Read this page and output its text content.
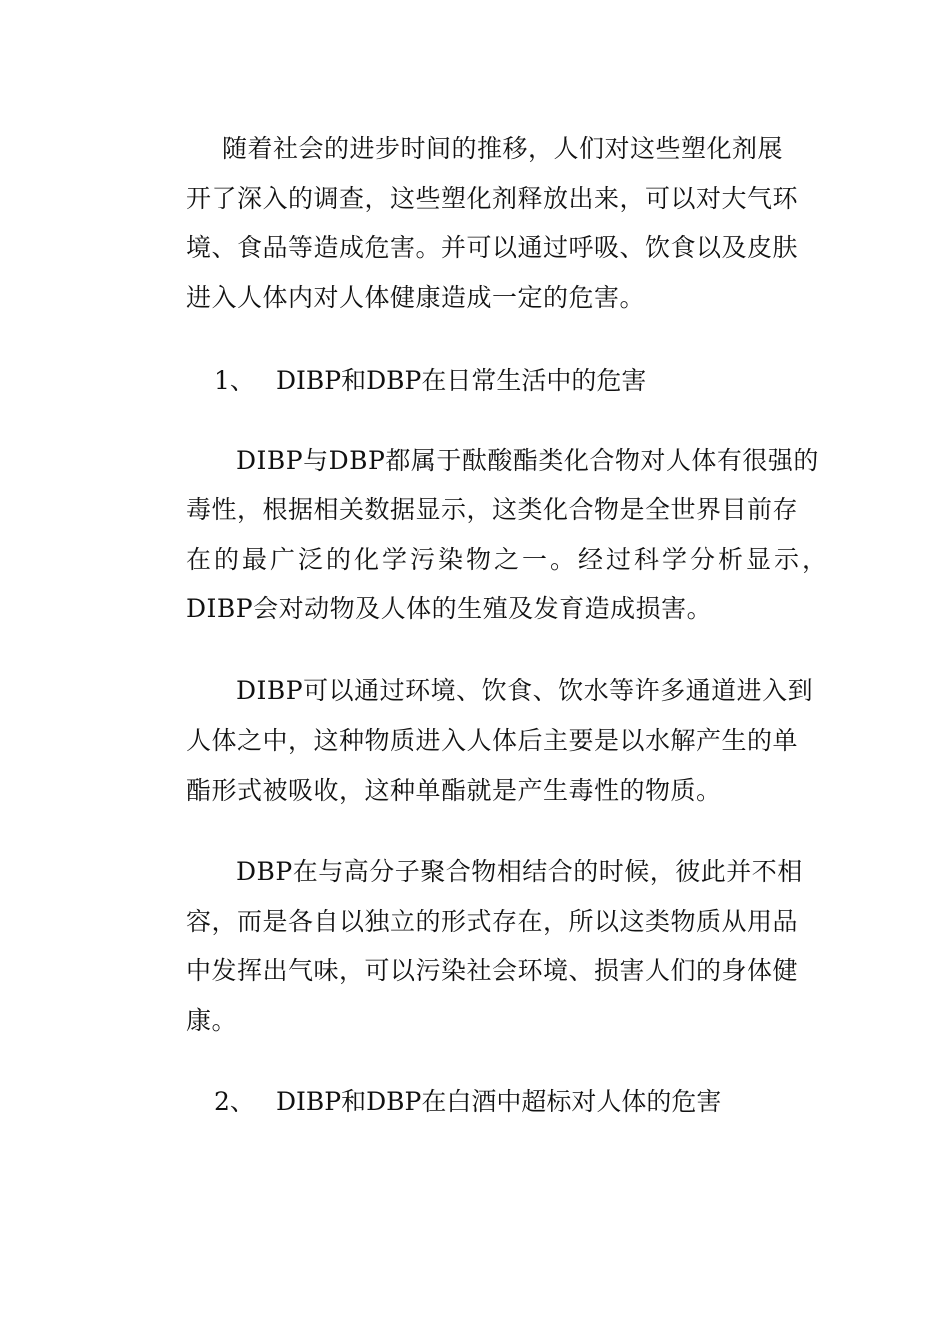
随着社会的进步时间的推移，人们对这些塑化剂展
开了深入的调查，这些塑化剂释放出来，可以对大气环
境、食品等造成危害。并可以通过呼吸、饮食以及皮肤
进入人体内对人体健康造成一定的危害。
1、 DIBP和DBP在日常生活中的危害
DIBP与DBP都属于酞酸酯类化合物对人体有很强的
毒性，根据相关数据显示，这类化合物是全世界目前存
在的最广泛的化学污染物之一。经过科学分析显示，
DIBP会对动物及人体的生殖及发育造成损害。
DIBP可以通过环境、饮食、饮水等许多通道进入到
人体之中，这种物质进入人体后主要是以水解产生的单
酯形式被吸收，这种单酯就是产生毒性的物质。
DBP在与高分子聚合物相结合的时候，彼此并不相
容，而是各自以独立的形式存在，所以这类物质从用品
中发挥出气味，可以污染社会环境、损害人们的身体健
康。
2、 DIBP和DBP在白酒中超标对人体的危害
